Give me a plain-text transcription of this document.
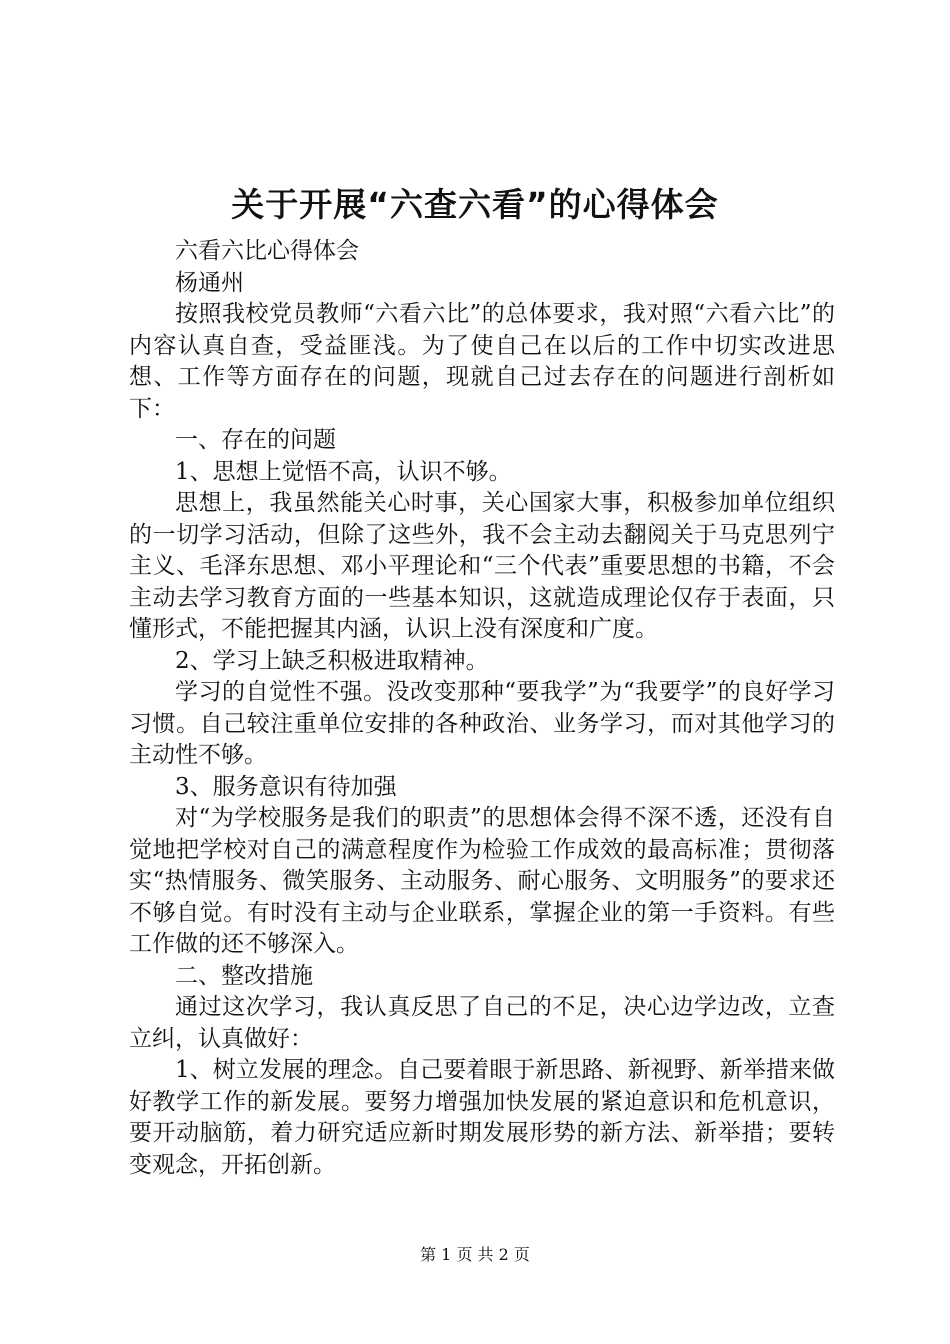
关于开展“六查六看”的心得体会

六看六比心得体会

杨通州

按照我校党员教师“六看六比”的总体要求，我对照“六看六比”的内容认真自查，受益匪浅。为了使自己在以后的工作中切实改进思想、工作等方面存在的问题，现就自己过去存在的问题进行剖析如下：

一、存在的问题

1、思想上觉悟不高，认识不够。

思想上，我虽然能关心时事，关心国家大事，积极参加单位组织的一切学习活动，但除了这些外，我不会主动去翻阅关于马克思列宁主义、毛泽东思想、邓小平理论和“三个代表”重要思想的书籍，不会主动去学习教育方面的一些基本知识，这就造成理论仅存于表面，只懂形式，不能把握其内涵，认识上没有深度和广度。

2、学习上缺乏积极进取精神。

学习的自觉性不强。没改变那种“要我学”为“我要学”的良好学习习惯。自己较注重单位安排的各种政治、业务学习，而对其他学习的主动性不够。

3、服务意识有待加强

对“为学校服务是我们的职责”的思想体会得不深不透，还没有自觉地把学校对自己的满意程度作为检验工作成效的最高标准；贯彻落实“热情服务、微笑服务、主动服务、耐心服务、文明服务”的要求还不够自觉。有时没有主动与企业联系，掌握企业的第一手资料。有些工作做的还不够深入。

二、整改措施

通过这次学习，我认真反思了自己的不足，决心边学边改，立查立纠，认真做好：

1、树立发展的理念。自己要着眼于新思路、新视野、新举措来做好教学工作的新发展。要努力增强加快发展的紧迫意识和危机意识，要开动脑筋，着力研究适应新时期发展形势的新方法、新举措；要转变观念，开拓创新。

第 1 页 共 2 页
